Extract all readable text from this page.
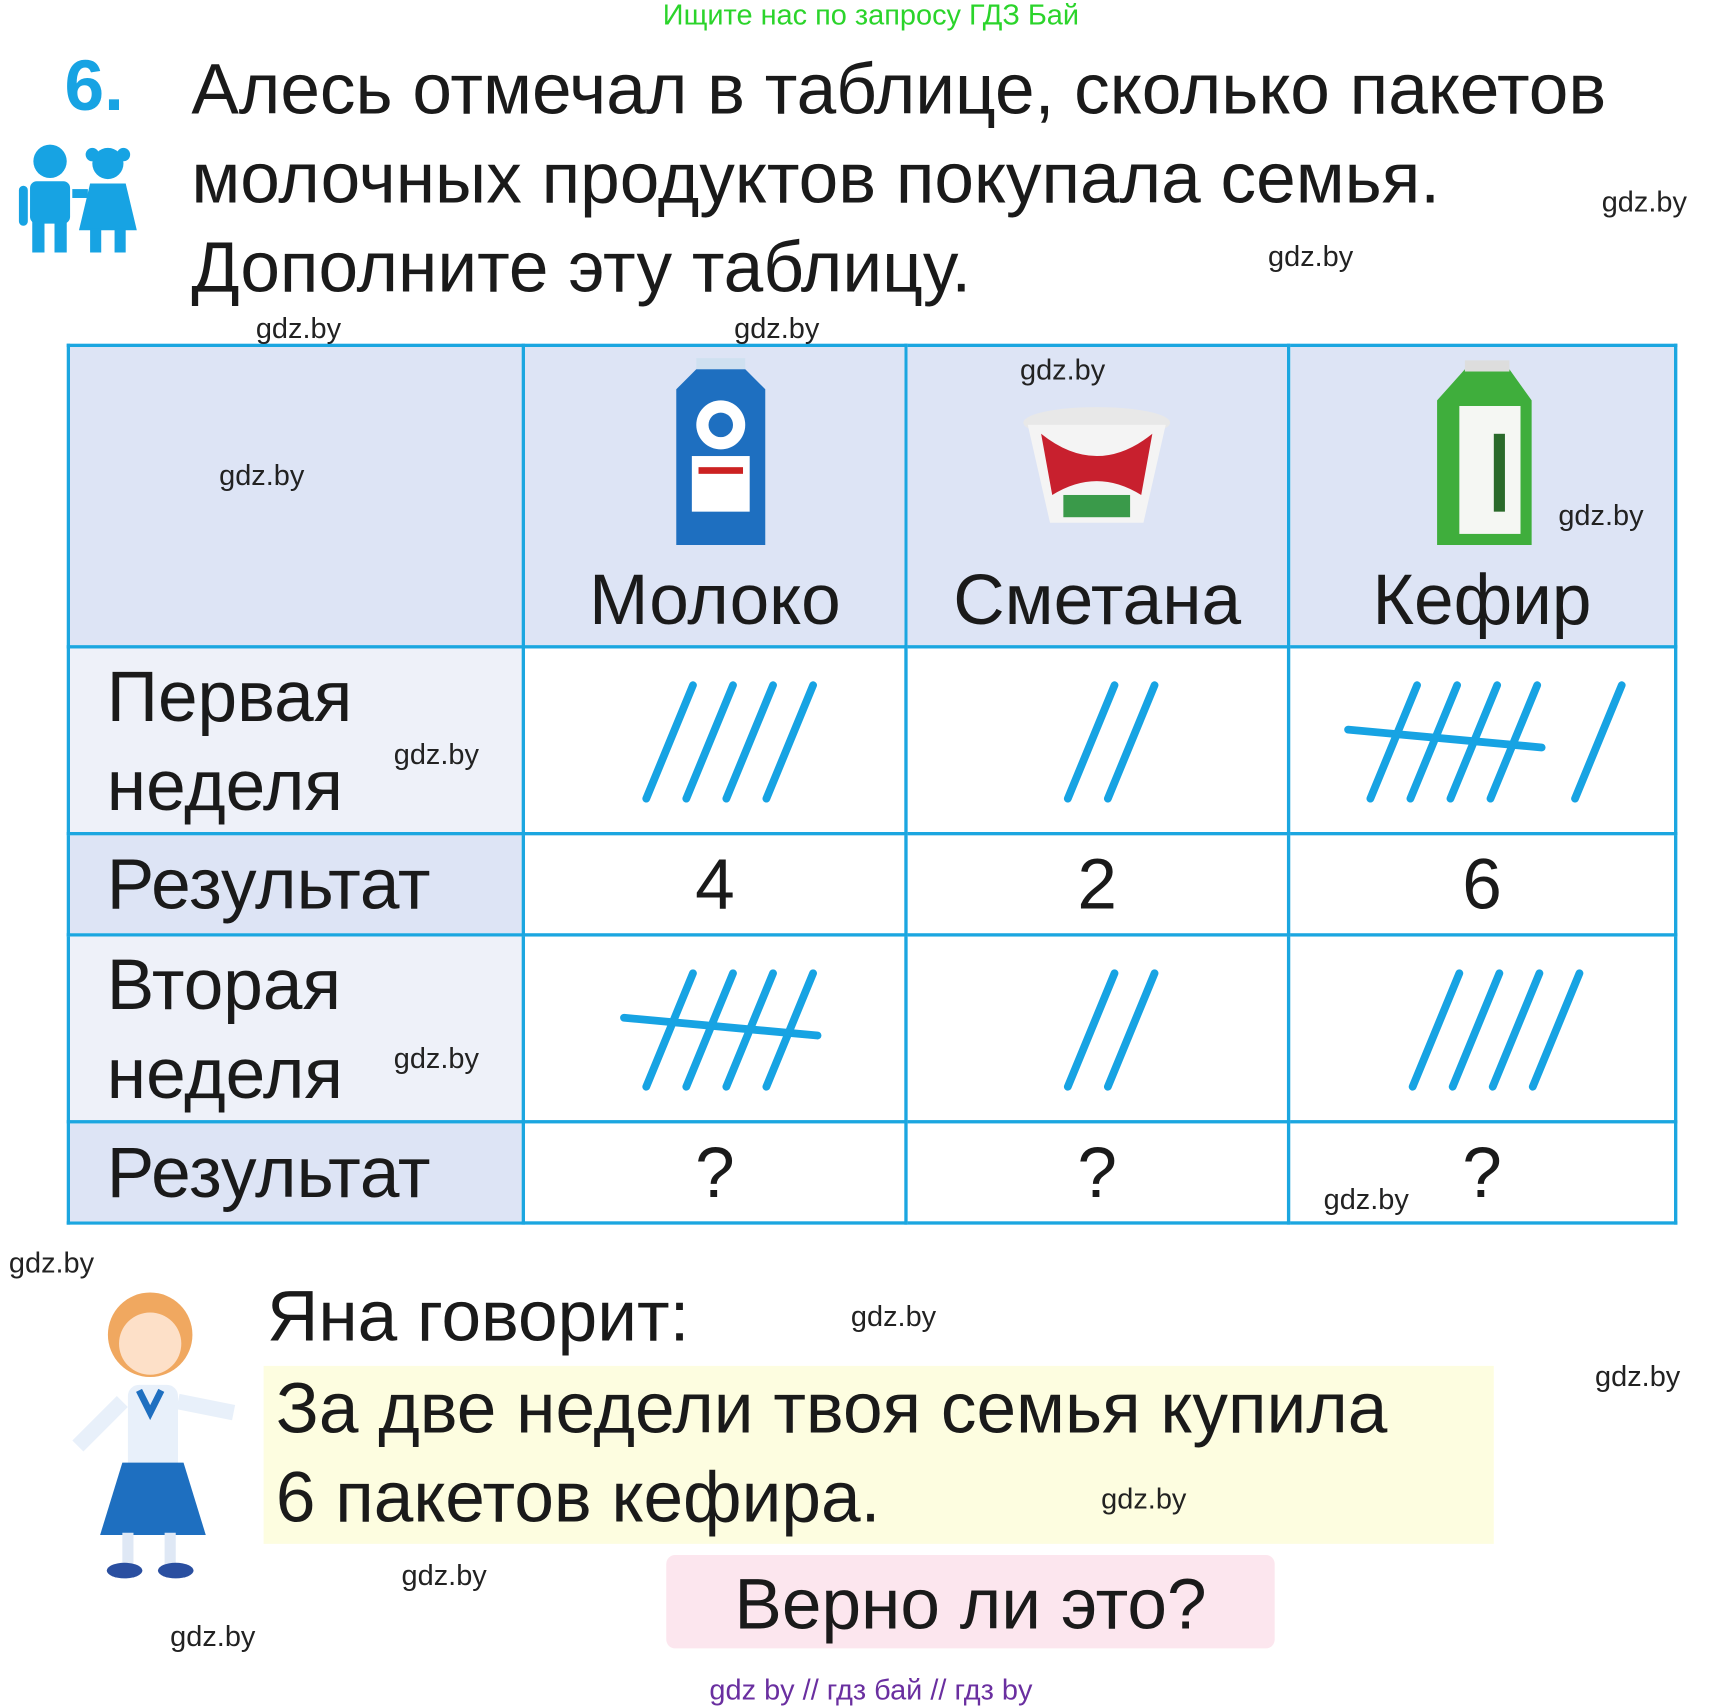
Ищите нас по запросу ГДЗ Бай
6. Алесь отмечал в таблице, сколько пакетов
молочных продуктов покупала семья.
Дополните эту таблицу.

	Молоко	Сметана	Кефир

Первая
неделя

Результат	4	2	6

Вторая
неделя

Результат	?	?	?
Яна говорит:
За две недели твоя семья купила
6 пакетов кефира.
Верно ли это?
gdz by // гдз бай // гдз by
gdz.by
gdz.by
gdz.by
gdz.by
gdz.by
gdz.by
gdz.by
gdz.by
gdz.by
gdz.by
gdz.by
gdz.by
gdz.by
gdz.by
gdz.by
gdz.by
